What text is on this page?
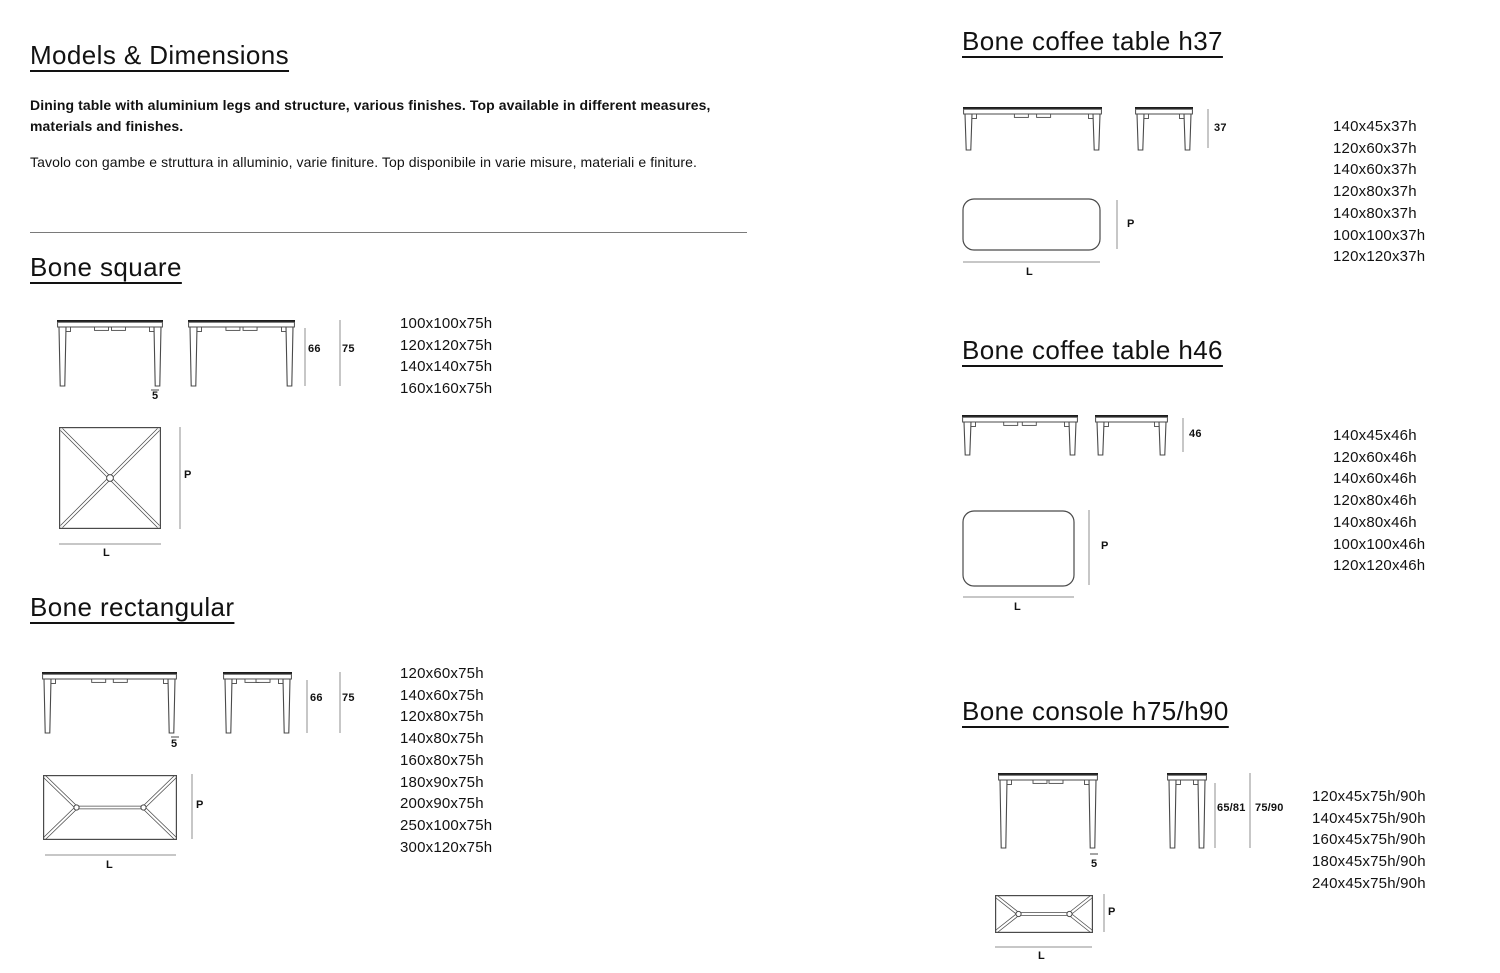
Models & Dimensions

Dining table with aluminium legs and structure, various finishes. Top available in different measures, materials and finishes.

Tavolo con gambe e struttura in alluminio, varie finiture. Top disponibile in varie misure, materiali e finiture.

Bone square
66 75
5
100x100x75h
120x120x75h
140x140x75h
160x160x75h
P
L
Bone rectangular
66 75
5
120x60x75h
140x60x75h
120x80x75h
140x80x75h
160x80x75h
180x90x75h
200x90x75h
250x100x75h
300x120x75h
P
L
Bone coffee table h37
37	140x45x37h
120x60x37h
140x60x37h
120x80x37h
140x80x37h
100x100x37h
120x120x37h
P
L
Bone coffee table h46
46	140x45x46h
120x60x46h
140x60x46h
120x80x46h
140x80x46h
100x100x46h
120x120x46h
P
L
Bone console h75/h90
65/81 75/90
5
120x45x75h/90h
140x45x75h/90h
160x45x75h/90h
180x45x75h/90h
240x45x75h/90h
P
L
